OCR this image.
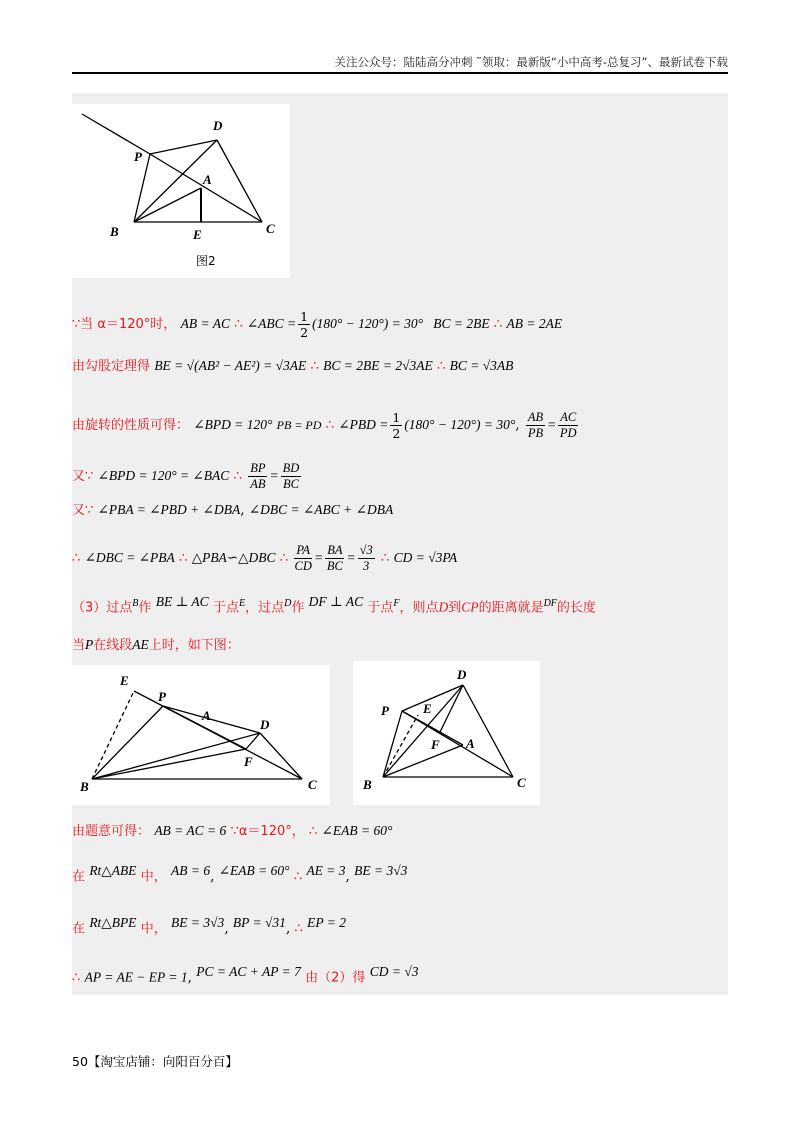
关注公众号：陆陆高分冲刺 ˜领取：最新版“小中高考-总复习”、最新试卷下载
P
D
A
B	E	C
图2
∵当 α＝120°时， AB = AC ∴ ∠ABC = $\frac{1}{2} (180^\circ - 120^\circ) = 30^\circ$ BC = 2BE ∴ AB = 2AE
由勾股定理得 BE = √(AB² − AE²) = √3AE ∴ BC = 2BE = 2√3AE ∴ BC = √3AB
由旋转的性质可得： ∠BPD = 120° PB = PD ∴ ∠PBD = $\frac{1}{2} (180^\circ - 120^\circ) = 30^\circ$, $\frac{AB}{PB} = \frac{AC}{PD}$
又∵ ∠BPD = 120° = ∠BAC ∴ $\frac{BP}{AB} = \frac{BD}{BC}$
又∵ ∠PBA = ∠PBD + ∠DBA, ∠DBC = ∠ABC + ∠DBA
∴ ∠DBC = ∠PBA ∴ △PBA∽△DBC ∴ $\frac{PA}{CD} = \frac{BA}{BC} = \frac{√3}{3}$ ∴ CD = √3PA
（3）过点$^B$作 $^{BE \perp AC}$ 于点$^E$，过点$^D$作 $^{DF \perp AC}$ 于点$^F$，则点D到CP的距离就是$^{DF}$的长度
当P在线段AE上时，如下图：
E
P
A
D
F
B	C
D
P	E
F A
B	C
由题意可得： AB = AC = 6 ∵α＝120°， ∴ ∠EAB = 60°
在 $^{Rt\triangle ABE}$ 中， $^{AB = 6}$, $^{\angle EAB = 60^\circ}$ ∴ $^{AE = 3}$, $^{BE = 3√3}$
在 $^{Rt\triangle BPE}$ 中， $^{BE = 3√3}$, $^{BP = √31}$, ∴ $^{EP = 2}$
∴ AP = AE − EP = 1, $^{PC = AC + AP = 7}$ 由（2）得 $^{CD = √3}$
50【淘宝店铺：向阳百分百】
